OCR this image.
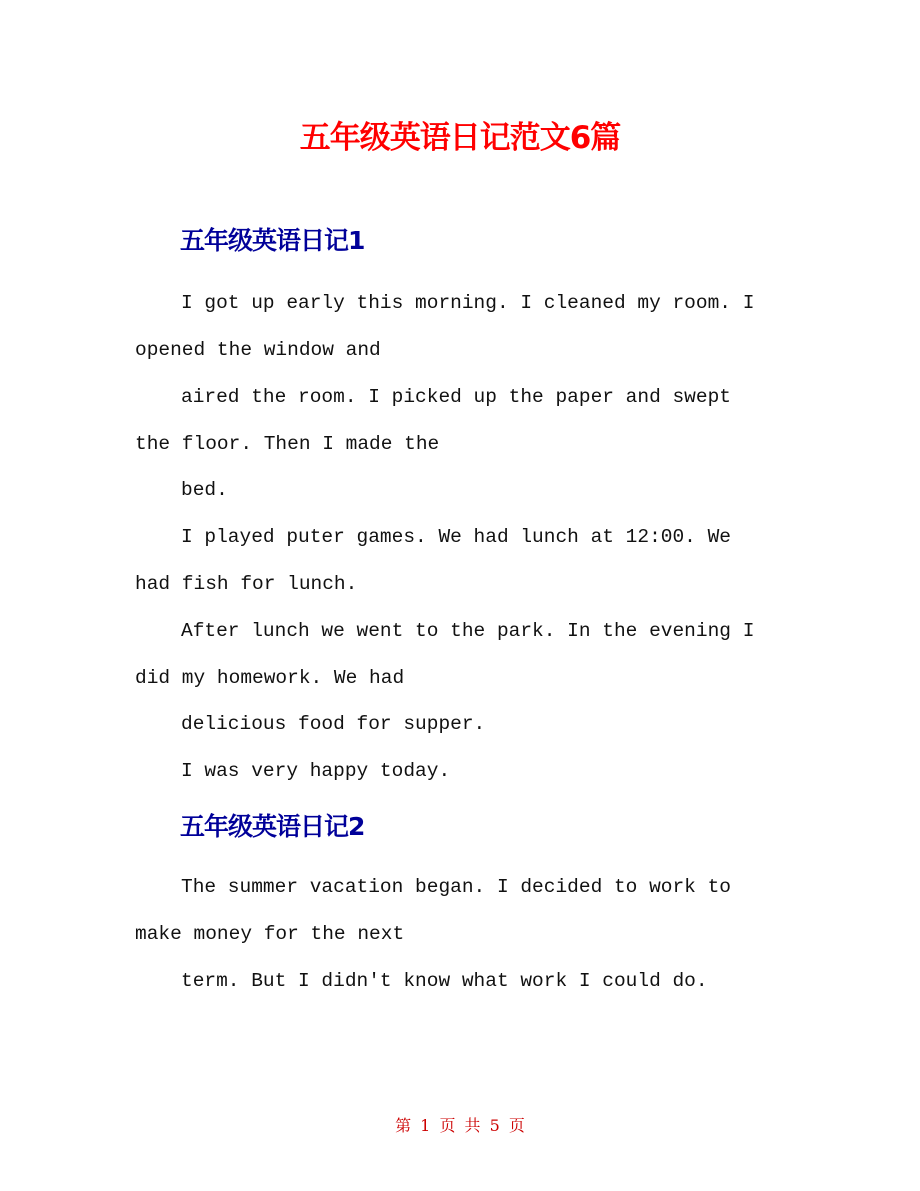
五年级英语日记范文6篇
五年级英语日记1
I got up early this morning. I cleaned my room. I
opened the window and
aired the room. I picked up the paper and swept
the floor. Then I made the
bed.
I played puter games. We had lunch at 12:00. We
had fish for lunch.
After lunch we went to the park. In the evening I
did my homework. We had
delicious food for supper.
I was very happy today.
五年级英语日记2
The summer vacation began. I decided to work to
make money for the next
term. But I didn't know what work I could do.
第 1 页 共 5 页
